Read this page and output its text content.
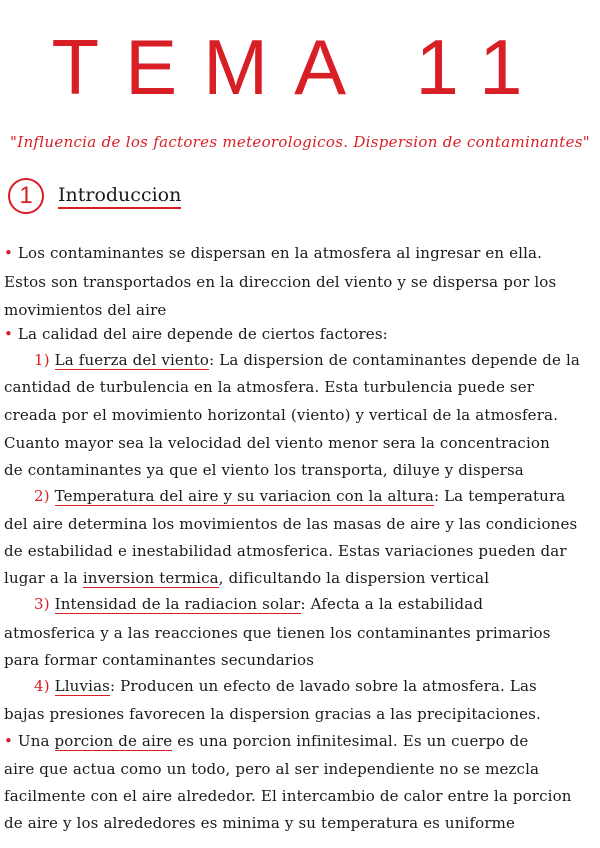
TEMA 11
"Influencia de los factores meteorologicos. Dispersion de contaminantes"
1	Introduccion
• Los contaminantes se dispersan en la atmosfera al ingresar en ella.
Estos son transportados en la direccion del viento y se dispersa por los
movimientos del aire
• La calidad del aire depende de ciertos factores:
1) La fuerza del viento: La dispersion de contaminantes depende de la
cantidad de turbulencia en la atmosfera. Esta turbulencia puede ser
creada por el movimiento horizontal (viento) y vertical de la atmosfera.
Cuanto mayor sea la velocidad del viento menor sera la concentracion
de contaminantes ya que el viento los transporta, diluye y dispersa
2) Temperatura del aire y su variacion con la altura: La temperatura
del aire determina los movimientos de las masas de aire y las condiciones
de estabilidad e inestabilidad atmosferica. Estas variaciones pueden dar
lugar a la inversion termica, dificultando la dispersion vertical
3) Intensidad de la radiacion solar: Afecta a la estabilidad
atmosferica y a las reacciones que tienen los contaminantes primarios
para formar contaminantes secundarios
4) Lluvias: Producen un efecto de lavado sobre la atmosfera. Las
bajas presiones favorecen la dispersion gracias a las precipitaciones.
• Una porcion de aire es una porcion infinitesimal. Es un cuerpo de
aire que actua como un todo, pero al ser independiente no se mezcla
facilmente con el aire alrededor. El intercambio de calor entre la porcion
de aire y los alrededores es minima y su temperatura es uniforme
